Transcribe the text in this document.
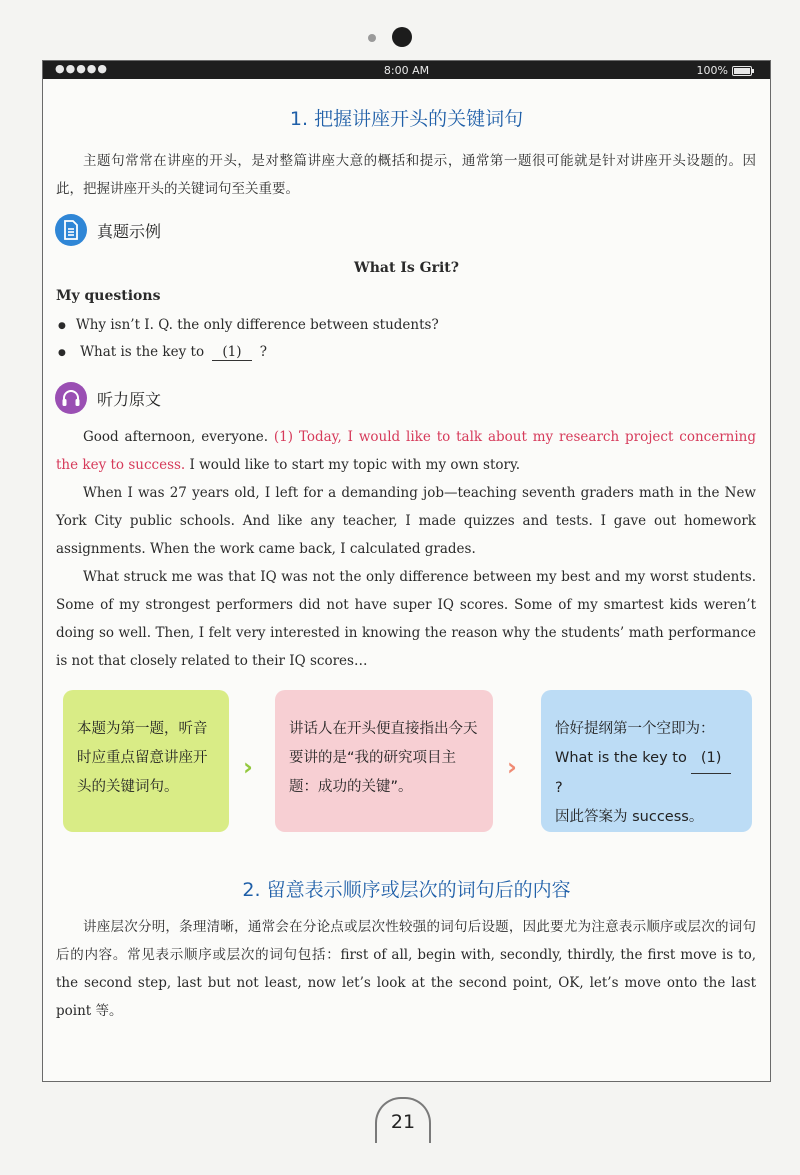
●●●●●	8:00 AM	100%
1. 把握讲座开头的关键词句

主题句常常在讲座的开头，是对整篇讲座大意的概括和提示，通常第一题很可能就是针对讲座开头设题的。因此，把握讲座开头的关键词句至关重要。

真题示例
What Is Grit?
My questions
● Why isn’t I. Q. the only difference between students?
● What is the key to (1) ?
听力原文

Good afternoon, everyone. (1) Today, I would like to talk about my research project concerning the key to success. I would like to start my topic with my own story.

When I was 27 years old, I left for a demanding job—teaching seventh graders math in the New York City public schools. And like any teacher, I made quizzes and tests. I gave out homework assignments. When the work came back, I calculated grades.

What struck me was that IQ was not the only difference between my best and my worst students. Some of my strongest performers did not have super IQ scores. Some of my smartest kids weren’t doing so well. Then, I felt very interested in knowing the reason why the students’ math performance is not that closely related to their IQ scores…

本题为第一题，听音时应重点留意讲座开头的关键词句。
›
讲话人在开头便直接指出今天要讲的是“我的研究项目主题：成功的关键”。
›
恰好提纲第一个空即为：
What is the key to (1)?
因此答案为 success。
2. 留意表示顺序或层次的词句后的内容

讲座层次分明，条理清晰，通常会在分论点或层次性较强的词句后设题，因此要尤为注意表示顺序或层次的词句后的内容。常见表示顺序或层次的词句包括：first of all, begin with, secondly, thirdly, the first move is to, the second step, last but not least, now let’s look at the second point, OK, let’s move onto the last point 等。

21
